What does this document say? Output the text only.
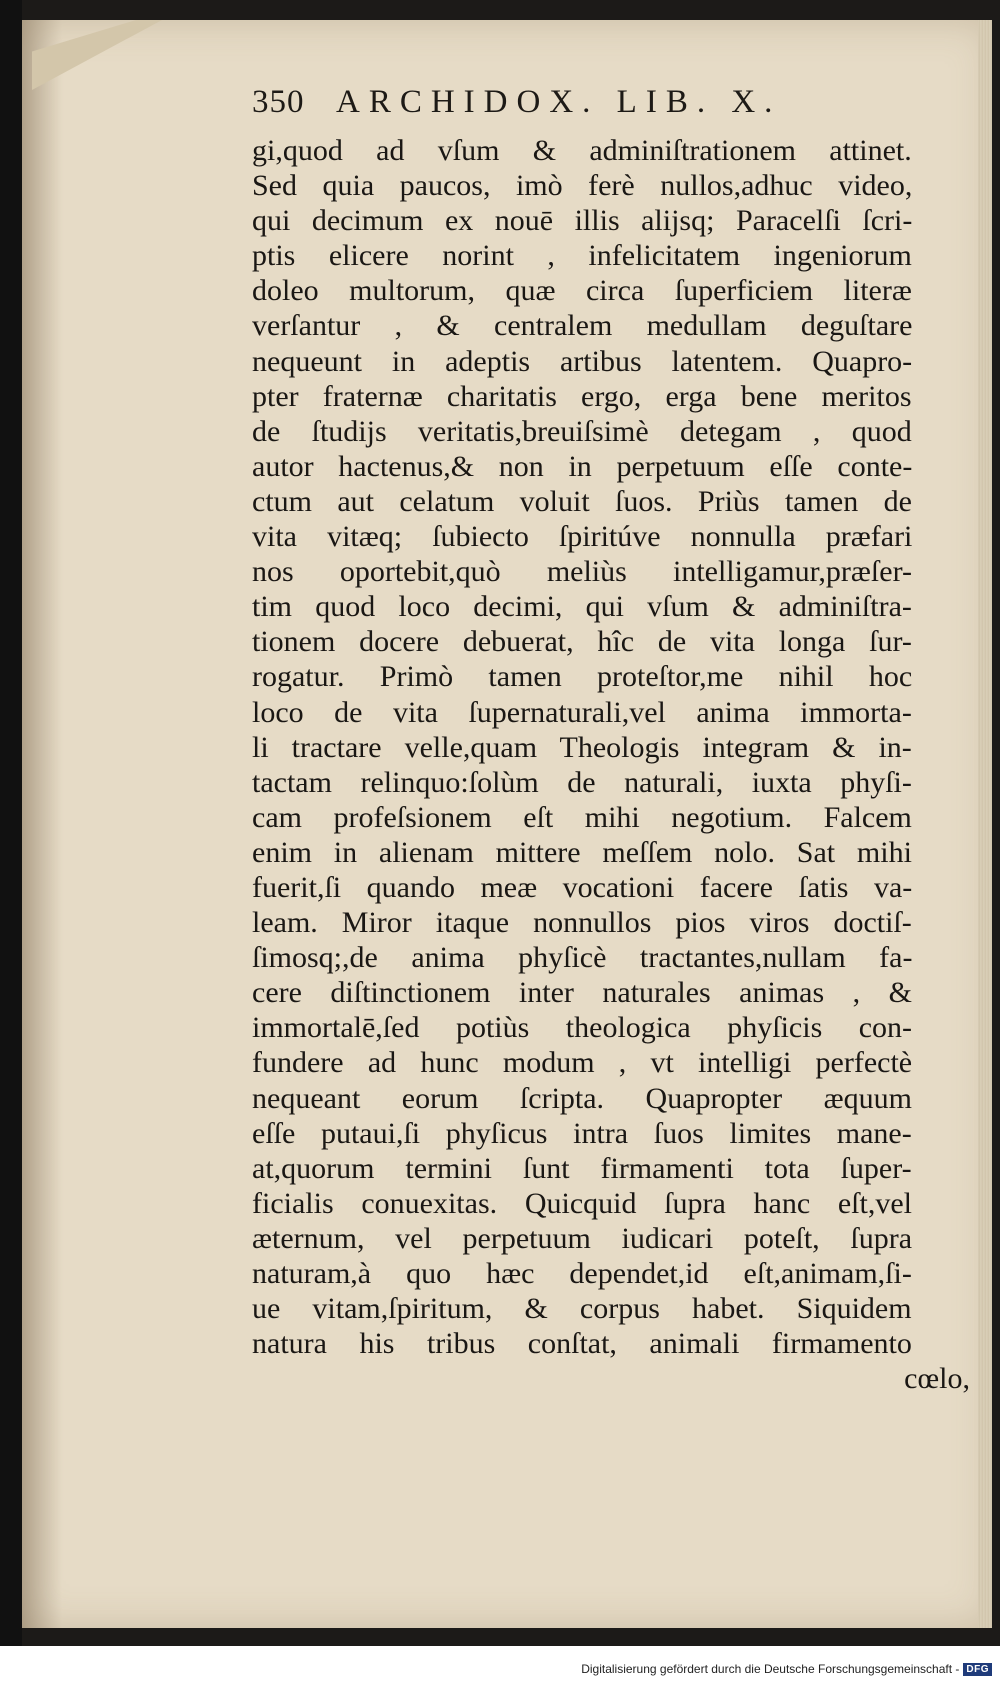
350 ARCHIDOX. LIB. X.
gi,quod ad vſum & adminiſtrationem attinet.
Sed quia paucos, imò ferè nullos,adhuc video,
qui decimum ex nouē illis alijsq; Paracelſi ſcri-
ptis elicere norint , infelicitatem ingeniorum
doleo multorum, quæ circa ſuperficiem literæ
verſantur , & centralem medullam deguſtare
nequeunt in adeptis artibus latentem. Quapro-
pter fraternæ charitatis ergo, erga bene meritos
de ſtudijs veritatis,breuiſsimè detegam , quod
autor hactenus,& non in perpetuum eſſe conte-
ctum aut celatum voluit ſuos. Priùs tamen de
vita vitæq; ſubiecto ſpiritúve nonnulla præfari
nos oportebit,quò meliùs intelligamur,præſer-
tim quod loco decimi, qui vſum & adminiſtra-
tionem docere debuerat, hîc de vita longa ſur-
rogatur. Primò tamen proteſtor,me nihil hoc
loco de vita ſupernaturali,vel anima immorta-
li tractare velle,quam Theologis integram & in-
tactam relinquo:ſolùm de naturali, iuxta phyſi-
cam profeſsionem eſt mihi negotium. Falcem
enim in alienam mittere meſſem nolo. Sat mihi
fuerit,ſi quando meæ vocationi facere ſatis va-
leam. Miror itaque nonnullos pios viros doctiſ-
ſimosq;,de anima phyſicè tractantes,nullam fa-
cere diſtinctionem inter naturales animas , &
immortalē,ſed potiùs theologica phyſicis con-
fundere ad hunc modum , vt intelligi perfectè
nequeant eorum ſcripta. Quapropter æquum
eſſe putaui,ſi phyſicus intra ſuos limites mane-
at,quorum termini ſunt firmamenti tota ſuper-
ficialis conuexitas. Quicquid ſupra hanc eſt,vel
æternum, vel perpetuum iudicari poteſt, ſupra
naturam,à quo hæc dependet,id eſt,animam,ſi-
ue vitam,ſpiritum, & corpus habet. Siquidem
natura his tribus conſtat, animali firmamento
cœlo,
Digitalisierung gefördert durch die Deutsche Forschungsgemeinschaft - DFG
